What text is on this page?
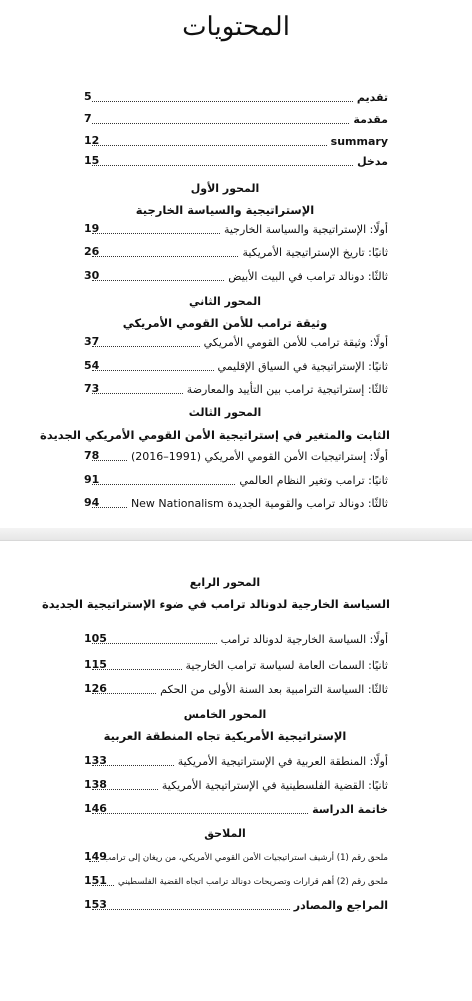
المحتويات
تقديم
5
مقدمة
7
summary
12
مدخل
15
المحور الأول
الإستراتيجية والسياسة الخارجية
أولًا: الإستراتيجية والسياسة الخارجية
19
ثانيًا: تاريخ الإستراتيجية الأمريكية
26
ثالثًا: دونالد ترامب في البيت الأبيض
30
المحور الثاني
وثيقة ترامب للأمن القومي الأمريكي
أولًا: وثيقة ترامب للأمن القومي الأمريكي
37
ثانيًا: الإستراتيجية في السياق الإقليمي
54
ثالثًا: إستراتيجية ترامب بين التأييد والمعارضة
73
المحور الثالث
الثابت والمتغير في إستراتيجية الأمن القومي الأمريكي الجديدة
أولًا: إستراتيجيات الأمن القومي الأمريكي (1991–2016)
78
ثانيًا: ترامب وتغير النظام العالمي
91
ثالثًا: دونالد ترامب والقومية الجديدة New Nationalism
94
المحور الرابع
السياسة الخارجية لدونالد ترامب في ضوء الإستراتيجية الجديدة
أولًا: السياسة الخارجية لدونالد ترامب
105
ثانيًا: السمات العامة لسياسة ترامب الخارجية
115
ثالثًا: السياسة الترامبية بعد السنة الأولى من الحكم
126
المحور الخامس
الإستراتيجية الأمريكية تجاه المنطقة العربية
أولًا: المنطقة العربية في الإستراتيجية الأمريكية
133
ثانيًا: القضية الفلسطينية في الإستراتيجية الأمريكية
138
خاتمة الدراسة
146
الملاحق
ملحق رقم (1) أرشيف استراتيجيات الأمن القومي الأمريكي، من ريغان إلى ترامب
149
ملحق رقم (2) أهم قرارات وتصريحات دونالد ترامب اتجاه القضية الفلسطيني
151
المراجع والمصادر
153
